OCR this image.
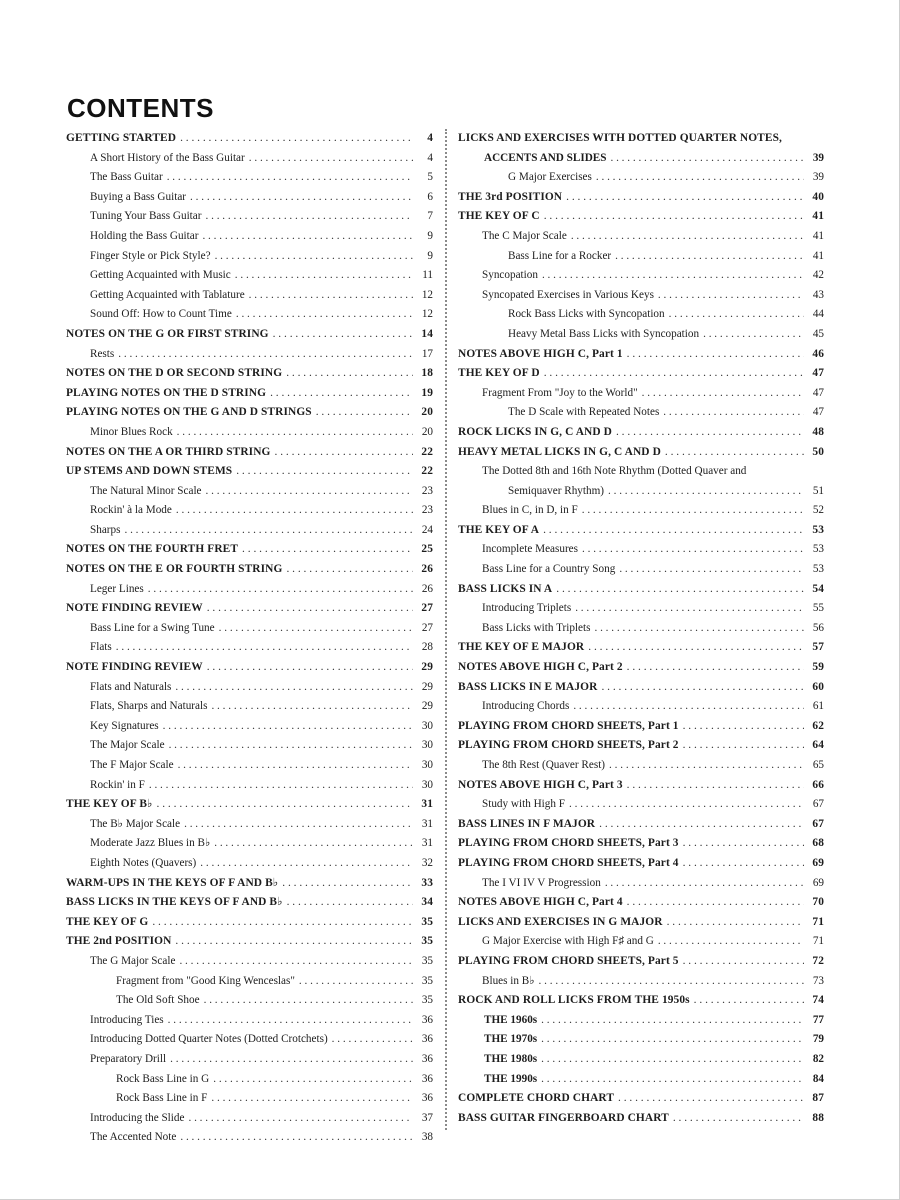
CONTENTS
GETTING STARTED . . .	4
A Short History of the Bass Guitar . . .	4
The Bass Guitar . . .	5
Buying a Bass Guitar . . .	6
Tuning Your Bass Guitar . . .	7
Holding the Bass Guitar . . .	9
Finger Style or Pick Style? . . .	9
Getting Acquainted with Music . . .	11
Getting Acquainted with Tablature . . .	12
Sound Off: How to Count Time . . .	12
NOTES ON THE G OR FIRST STRING . . .	14
Rests . . .	17
NOTES ON THE D OR SECOND STRING . . .	18
PLAYING NOTES ON THE D STRING . . .	19
PLAYING NOTES ON THE G AND D STRINGS . . .	20
Minor Blues Rock . . .	20
NOTES ON THE A OR THIRD STRING . . .	22
UP STEMS AND DOWN STEMS . . .	22
The Natural Minor Scale . . .	23
Rockin' à la Mode . . .	23
Sharps . . .	24
NOTES ON THE FOURTH FRET . . .	25
NOTES ON THE E OR FOURTH STRING . . .	26
Leger Lines . . .	26
NOTE FINDING REVIEW . . .	27
Bass Line for a Swing Tune . . .	27
Flats . . .	28
NOTE FINDING REVIEW . . .	29
Flats and Naturals . . .	29
Flats, Sharps and Naturals . . .	29
Key Signatures . . .	30
The Major Scale . . .	30
The F Major Scale . . .	30
Rockin' in F . . .	30
THE KEY OF B♭ . . .	31
The B♭ Major Scale . . .	31
Moderate Jazz Blues in B♭ . . .	31
Eighth Notes (Quavers) . . .	32
WARM-UPS IN THE KEYS OF F AND B♭ . . .	33
BASS LICKS IN THE KEYS OF F AND B♭ . . .	34
THE KEY OF G . . .	35
THE 2nd POSITION . . .	35
The G Major Scale . . .	35
Fragment from "Good King Wenceslas" . . .	35
The Old Soft Shoe . . .	35
Introducing Ties . . .	36
Introducing Dotted Quarter Notes (Dotted Crotchets) . . .	36
Preparatory Drill . . .	36
Rock Bass Line in G . . .	36
Rock Bass Line in F . . .	36
Introducing the Slide . . .	37
The Accented Note . . .	38
LICKS AND EXERCISES WITH DOTTED QUARTER NOTES,
ACCENTS AND SLIDES . . .	39
G Major Exercises . . .	39
THE 3rd POSITION . . .	40
THE KEY OF C . . .	41
The C Major Scale . . .	41
Bass Line for a Rocker . . .	41
Syncopation . . .	42
Syncopated Exercises in Various Keys . . .	43
Rock Bass Licks with Syncopation . . .	44
Heavy Metal Bass Licks with Syncopation . . .	45
NOTES ABOVE HIGH C, Part 1 . . .	46
THE KEY OF D . . .	47
Fragment From "Joy to the World" . . .	47
The D Scale with Repeated Notes . . .	47
ROCK LICKS IN G, C AND D . . .	48
HEAVY METAL LICKS IN G, C AND D . . .	50
The Dotted 8th and 16th Note Rhythm (Dotted Quaver and
Semiquaver Rhythm) . . .	51
Blues in C, in D, in F . . .	52
THE KEY OF A . . .	53
Incomplete Measures . . .	53
Bass Line for a Country Song . . .	53
BASS LICKS IN A . . .	54
Introducing Triplets . . .	55
Bass Licks with Triplets . . .	56
THE KEY OF E MAJOR . . .	57
NOTES ABOVE HIGH C, Part 2 . . .	59
BASS LICKS IN E MAJOR . . .	60
Introducing Chords . . .	61
PLAYING FROM CHORD SHEETS, Part 1 . . .	62
PLAYING FROM CHORD SHEETS, Part 2 . . .	64
The 8th Rest (Quaver Rest) . . .	65
NOTES ABOVE HIGH C, Part 3 . . .	66
Study with High F . . .	67
BASS LINES IN F MAJOR . . .	67
PLAYING FROM CHORD SHEETS, Part 3 . . .	68
PLAYING FROM CHORD SHEETS, Part 4 . . .	69
The I VI IV V Progression . . .	69
NOTES ABOVE HIGH C, Part 4 . . .	70
LICKS AND EXERCISES IN G MAJOR . . .	71
G Major Exercise with High F♯ and G . . .	71
PLAYING FROM CHORD SHEETS, Part 5 . . .	72
Blues in B♭ . . .	73
ROCK AND ROLL LICKS FROM THE 1950s . . .	74
THE 1960s . . .	77
THE 1970s . . .	79
THE 1980s . . .	82
THE 1990s . . .	84
COMPLETE CHORD CHART . . .	87
BASS GUITAR FINGERBOARD CHART . . .	88
